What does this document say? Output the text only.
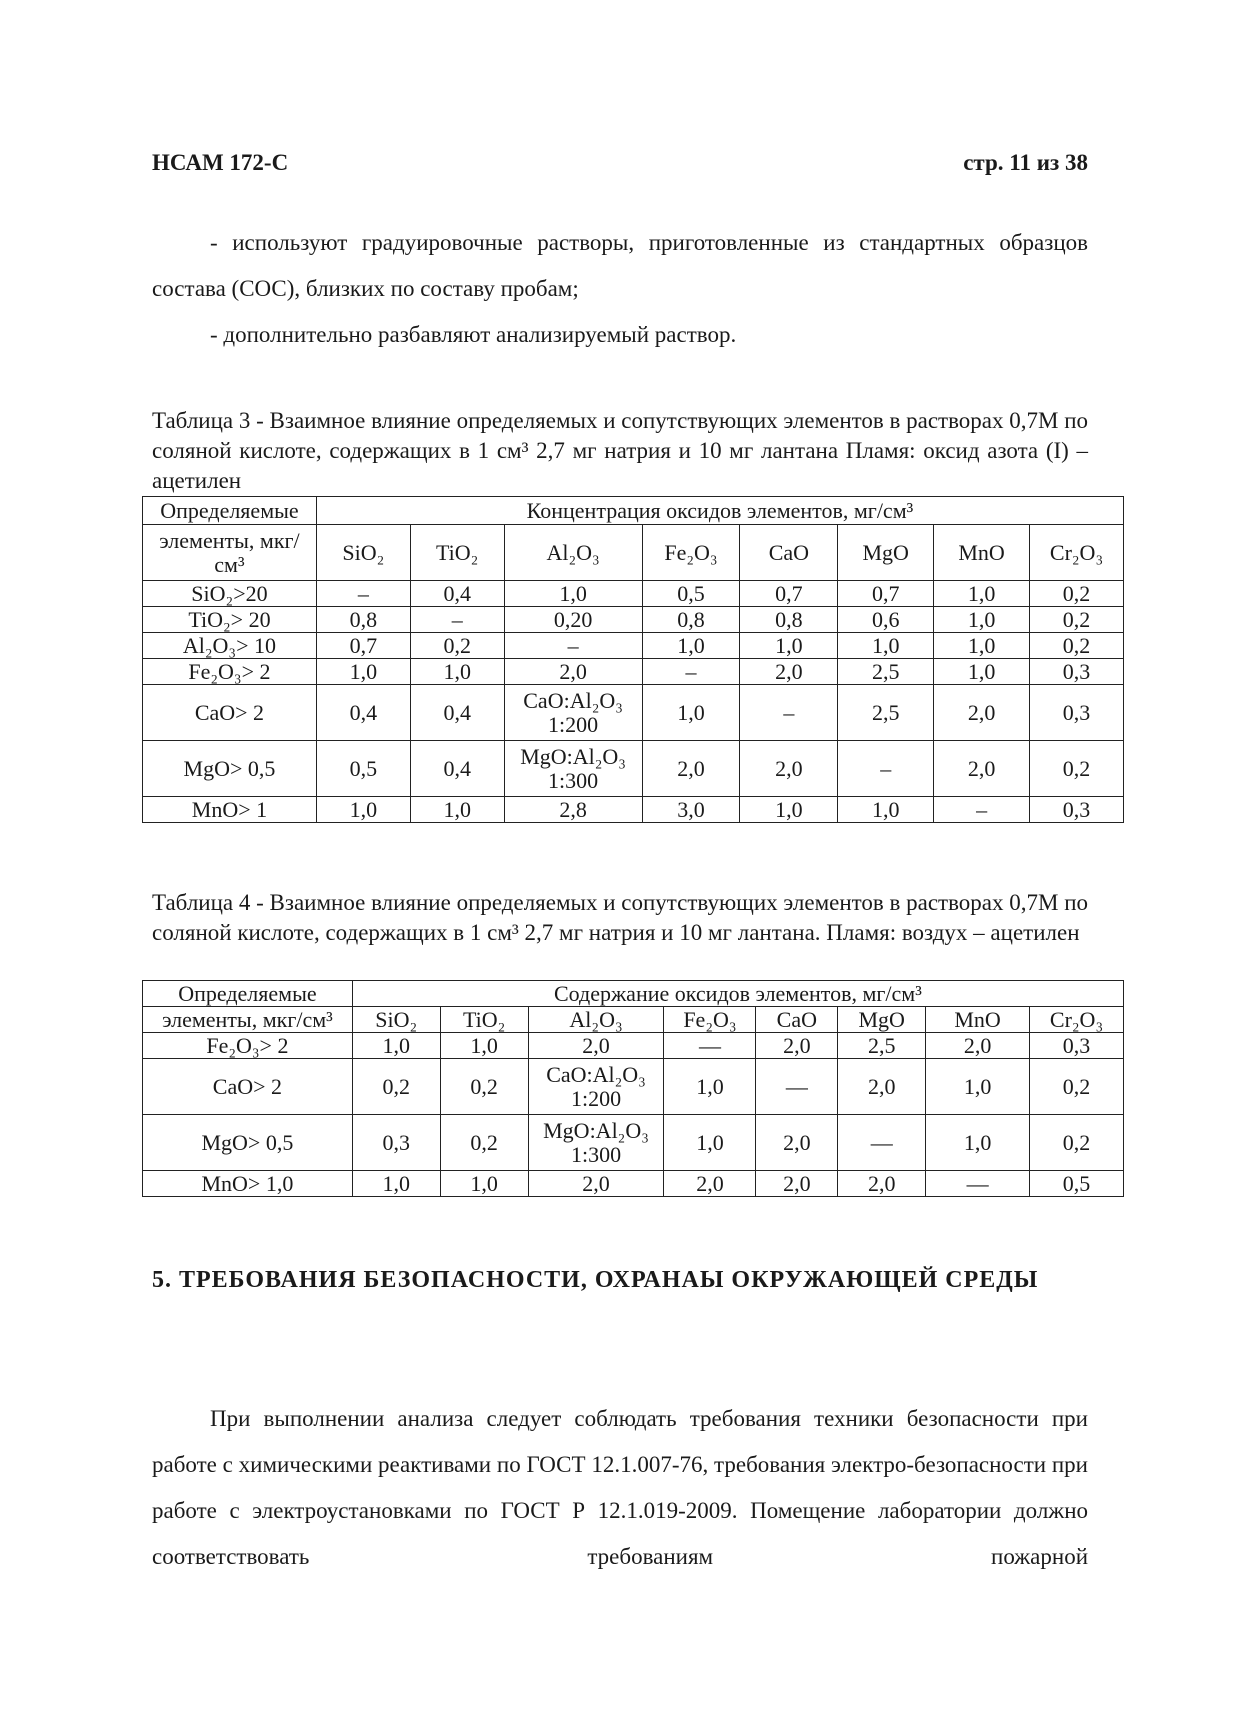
НСАМ 172-С	стр. 11 из 38
- используют градуировочные растворы, приготовленные из стандартных образцов состава (СОС), близких по составу пробам;
- дополнительно разбавляют анализируемый раствор.
Таблица 3 - Взаимное влияние определяемых и сопутствующих элементов в растворах 0,7М по соляной кислоте, содержащих в 1 см³ 2,7 мг натрия и 10 мг лантана Пламя: оксид азота (I) – ацетилен
Определяемые	Концентрация оксидов элементов, мг/см³							
элементы, мкг/см³	SiO₂	TiO₂	Al₂O₃	Fe₂O₃	CaO	MgO	MnO	Cr₂O₃
SiO₂>20	–	0,4	1,0	0,5	0,7	0,7	1,0	0,2
TiO₂> 20	0,8	–	0,20	0,8	0,8	0,6	1,0	0,2
Al₂O₃> 10	0,7	0,2	–	1,0	1,0	1,0	1,0	0,2
Fe₂O₃> 2	1,0	1,0	2,0	–	2,0	2,5	1,0	0,3
CaO> 2	0,4	0,4	CaO:Al₂O₃ 1:200	1,0	–	2,5	2,0	0,3
MgO> 0,5	0,5	0,4	MgO:Al₂O₃ 1:300	2,0	2,0	–	2,0	0,2
MnO> 1	1,0	1,0	2,8	3,0	1,0	1,0	–	0,3
Таблица 4 - Взаимное влияние определяемых и сопутствующих элементов в растворах 0,7М по соляной кислоте, содержащих в 1 см³ 2,7 мг натрия и 10 мг лантана. Пламя: воздух – ацетилен
Определяемые	Содержание оксидов элементов, мг/см³							
элементы, мкг/см³	SiO₂	TiO₂	Al₂O₃	Fe₂O₃	CaO	MgO	MnO	Cr₂O₃
Fe₂O₃> 2	1,0	1,0	2,0	—	2,0	2,5	2,0	0,3
CaO> 2	0,2	0,2	CaO:Al₂O₃ 1:200	1,0	—	2,0	1,0	0,2
MgO> 0,5	0,3	0,2	MgO:Al₂O₃ 1:300	1,0	2,0	—	1,0	0,2
MnO> 1,0	1,0	1,0	2,0	2,0	2,0	2,0	—	0,5
5. ТРЕБОВАНИЯ БЕЗОПАСНОСТИ, ОХРАНАЫ ОКРУЖАЮЩЕЙ СРЕДЫ
При выполнении анализа следует соблюдать требования техники безопасности при работе с химическими реактивами по ГОСТ 12.1.007-76, требования электро-безопасности при работе с электроустановками по ГОСТ Р 12.1.019-2009. Помещение лаборатории должно соответствовать требованиям пожарной
